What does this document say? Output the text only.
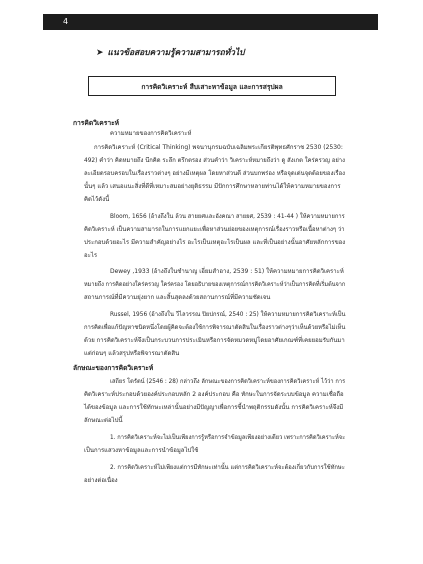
4
➤ แนวข้อสอบความรู้ความสามารถทั่วไป
การคิดวิเคราะห์ สืบเสาะหาข้อมูล และการสรุปผล
การคิดวิเคราะห์
ความหมายของการคิดวิเคราะห์
การคิดวิเคราะห์ (Critical Thinking) พจนานุกรมฉบับเฉลิมพระเกียรติพุทธศักราช 2530 (2530:
492) คำว่า คิดหมายถึง นึกคิด ระลึก ตรึกตรอง ส่วนคำว่า วิเคราะห์หมายถึงว่า ดู สังเกต ใคร่ครวญ อย่าง
ละเอียดรอบครอบในเรื่องราวต่างๆ อย่างมีเหตุผล โดยหาส่วนดี ส่วนบกพร่อง หรือจุดเด่นจุดด้อยของเรื่อง
นั้นๆ แล้ว เสนอแนะสิ่งที่ดีที่เหมาะสมอย่างยุติธรรม มีปักการศึกษาหลายท่านได้ให้ความหมายของการ
คิดไว้ดังนี้
Bloom, 1656 (อ้างถึงใน ล้วน สายยศและอังคณา สายยศ, 2539 : 41-44 ) ให้ความหมายการ
คิดวิเคราะห์ เป็นความสามารถในการแยกแยะเพื่อหาส่วนย่อยของเหตุการณ์เรื่องราวหรือเนื้อหาต่างๆ ว่า
ประกอบด้วยอะไร มีความสำคัญอย่างไร อะไรเป็นเหตุอะไรเป็นผล และที่เป็นอย่างนั้นอาศัยหลักการของ
อะไร
Dewey ,1933 (อ้างถึงในชำนาญ เอี่ยมสำอาง, 2539 : 51) ให้ความหมายการคิดวิเคราะห์
หมายถึง การคิดอย่างใคร่ครวญ ใคร่ครอง โดยอธิบายของเหตุการณ์การคิดวิเคราะห์ว่าเป็นการคิดที่เริ่มต้นจาก
สถานการณ์ที่มีความยุ่งยาก และสิ้นสุดลงด้วยสถานการณ์ที่มีความชัดเจน
Russel, 1956 (อ้างถึงใน วีไลวรรณ ปิยปกรณ์, 2540 : 25) ให้ความหมายการคิดวิเคราะห์เป็น
การคิดเพื่อแก้ปัญหาชนิดหนึ่งโดยผู้คิดจะต้องใช้การพิจารณาตัดสินในเรื่องราวต่างๆว่าเห็นด้วยหรือไม่เห็น
ด้วย การคิดวิเคราะห์จึงเป็นกระบวนการประเมินหรือการจัดหมวดหมู่โดยอาศัยเกณฑ์ที่เคยยอมรับกันมา
แต่ก่อนๆ แล้วสรุปหรือพิจารณาตัดสิน
ลักษณะของการคิดวิเคราะห์
เสถียร โตรัตน์ (2546 : 28) กล่าวถึง ลักษณะของการคิดวิเคราะห์ของการคิดวิเคราะห์ ไว้ว่า การ
คิดวิเคราะห์ประกอบด้วยองค์ประกอบหลัก 2 องค์ประกอบ คือ ทักษะในการจัดระบบข้อมูล ความเชื่อถือ
ได้ของข้อมูล และการใช้ทักษะเหล่านั้นอย่างมีปัญญาเพื่อการชี้นำพฤติกรรมดังนั้น การคิดวิเคราะห์จึงมี
ลักษณะต่อไปนี้
1. การคิดวิเคราะห์จะไม่เป็นเพียงการรู้หรือการจำข้อมูลเพียงอย่างเดียว เพราะการคิดวิเคราะห์จะ
เป็นการแสวงหาข้อมูลและการนำข้อมูลไปใช้
2. การคิดวิเคราะห์ไม่เพียงแต่การมีทักษะเท่านั้น แต่การคิดวิเคราะห์จะต้องเกี่ยวกับการใช้ทักษะ
อย่างต่อเนื่อง
